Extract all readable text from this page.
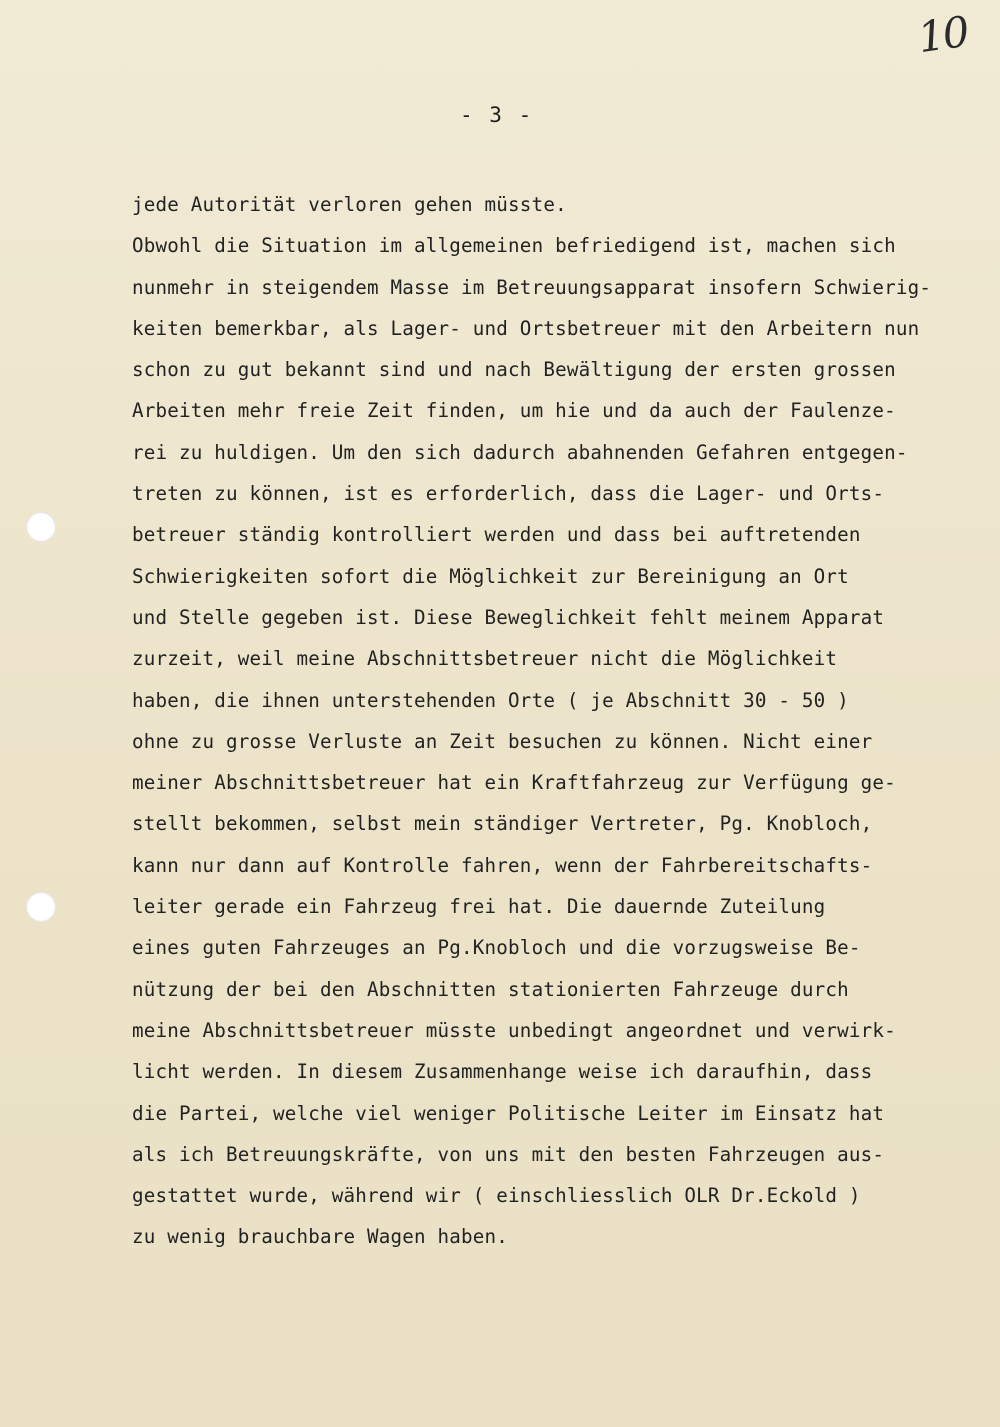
10
- 3 -
jede Autorität verloren gehen müsste.
Obwohl die Situation im allgemeinen befriedigend ist, machen sich
nunmehr in steigendem Masse im Betreuungsapparat insofern Schwierig-
keiten bemerkbar, als Lager- und Ortsbetreuer mit den Arbeitern nun
schon zu gut bekannt sind und nach Bewältigung der ersten grossen
Arbeiten mehr freie Zeit finden, um hie und da auch der Faulenze-
rei zu huldigen. Um den sich dadurch abahnenden Gefahren entgegen-
treten zu können, ist es erforderlich, dass die Lager- und Orts-
betreuer ständig kontrolliert werden und dass bei auftretenden
Schwierigkeiten sofort die Möglichkeit zur Bereinigung an Ort
und Stelle gegeben ist. Diese Beweglichkeit fehlt meinem Apparat
zurzeit, weil meine Abschnittsbetreuer nicht die Möglichkeit
haben, die ihnen unterstehenden Orte ( je Abschnitt 30 - 50 )
ohne zu grosse Verluste an Zeit besuchen zu können. Nicht einer
meiner Abschnittsbetreuer hat ein Kraftfahrzeug zur Verfügung ge-
stellt bekommen, selbst mein ständiger Vertreter, Pg. Knobloch,
kann nur dann auf Kontrolle fahren, wenn der Fahrbereitschafts-
leiter gerade ein Fahrzeug frei hat. Die dauernde Zuteilung
eines guten Fahrzeuges an Pg.Knobloch und die vorzugsweise Be-
nützung der bei den Abschnitten stationierten Fahrzeuge durch
meine Abschnittsbetreuer müsste unbedingt angeordnet und verwirk-
licht werden. In diesem Zusammenhange weise ich daraufhin, dass
die Partei, welche viel weniger Politische Leiter im Einsatz hat
als ich Betreuungskräfte, von uns mit den besten Fahrzeugen aus-
gestattet wurde, während wir ( einschliesslich OLR Dr.Eckold )
zu wenig brauchbare Wagen haben.
